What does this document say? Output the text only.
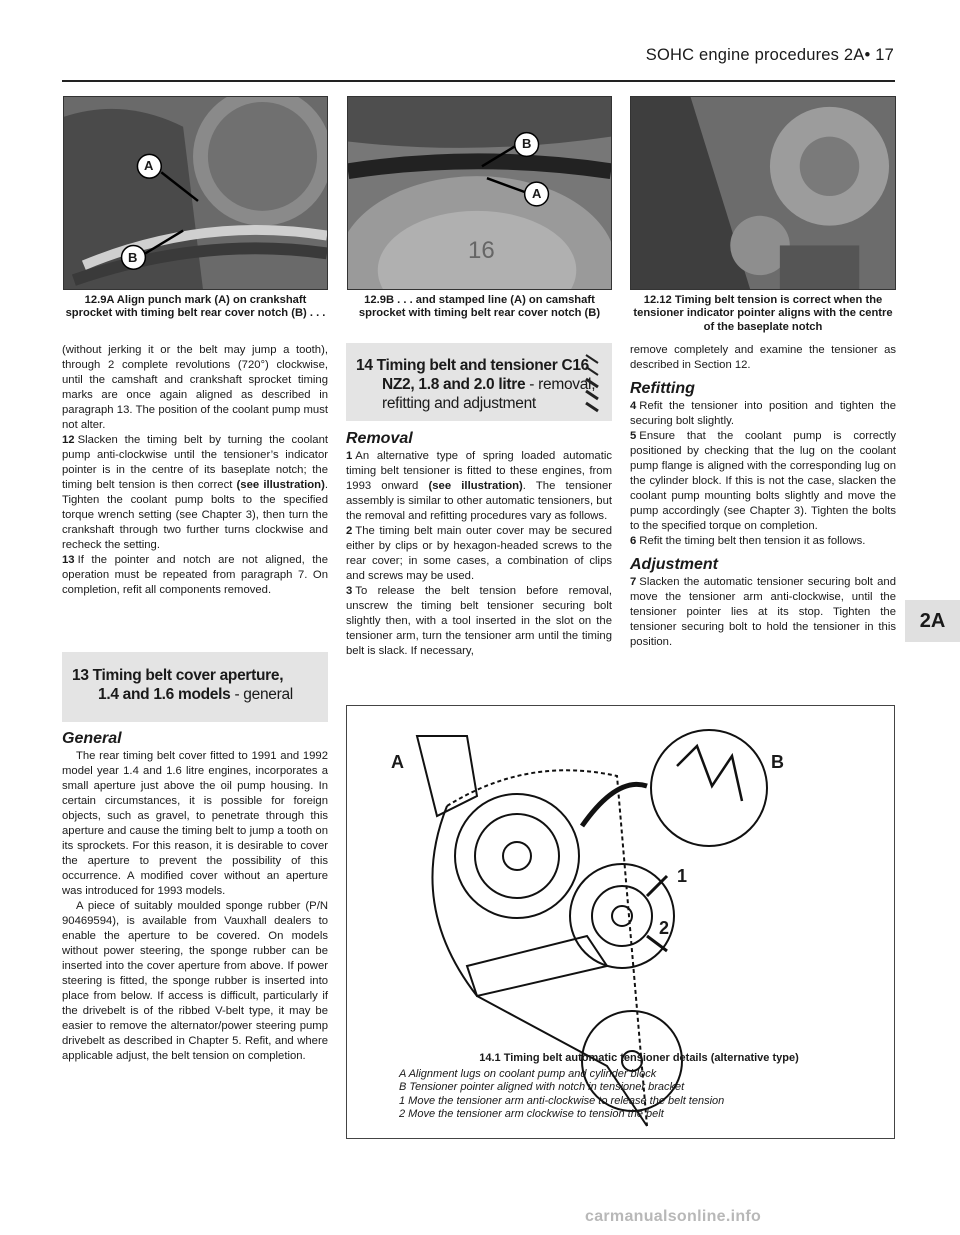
SOHC engine procedures 2A• 17
A
B
B
A
16
12.9A Align punch mark (A) on crankshaft sprocket with timing belt rear cover notch (B) . . .
12.9B . . . and stamped line (A) on camshaft sprocket with timing belt rear cover notch (B)
12.12 Timing belt tension is correct when the tensioner indicator pointer aligns with the centre of the baseplate notch

(without jerking it or the belt may jump a tooth), through 2 complete revolutions (720°) clockwise, until the camshaft and crankshaft sprocket timing marks are once again aligned as described in paragraph 13. The position of the coolant pump must not alter.

12 Slacken the timing belt by turning the coolant pump anti-clockwise until the tensioner’s indicator pointer is in the centre of its baseplate notch; the timing belt tension is then correct (see illustration). Tighten the coolant pump bolts to the specified torque wrench setting (see Chapter 3), then turn the crankshaft through two further turns clockwise and recheck the setting.

13 If the pointer and notch are not aligned, the operation must be repeated from paragraph 7. On completion, refit all components removed.

13 Timing belt cover aperture,
1.4 and 1.6 models - general

General

The rear timing belt cover fitted to 1991 and 1992 model year 1.4 and 1.6 litre engines, incorporates a small aperture just above the oil pump housing. In certain circumstances, it is possible for foreign objects, such as gravel, to penetrate through this aperture and cause the timing belt to jump a tooth on its sprockets. For this reason, it is desirable to cover the aperture to prevent the possibility of this occurrence. A modified cover without an aperture was introduced for 1993 models.

A piece of suitably moulded sponge rubber (P/N 90469594), is available from Vauxhall dealers to enable the aperture to be covered. On models without power steering, the sponge rubber can be inserted into the cover aperture from above. If power steering is fitted, the sponge rubber is inserted into place from below. If access is difficult, particularly if the drivebelt is of the ribbed V-belt type, it may be easier to remove the alternator/power steering pump drivebelt as described in Chapter 5. Refit, and where applicable adjust, the belt tension on completion.

14 Timing belt and tensioner C16
NZ2, 1.8 and 2.0 litre - removal,
refitting and adjustment

Removal

1 An alternative type of spring loaded automatic timing belt tensioner is fitted to these engines, from 1993 onward (see illustration). The tensioner assembly is similar to other automatic tensioners, but the removal and refitting procedures vary as follows.

2 The timing belt main outer cover may be secured either by clips or by hexagon-headed screws to the rear cover; in some cases, a combination of clips and screws may be used.

3 To release the belt tension before removal, unscrew the timing belt tensioner securing bolt slightly then, with a tool inserted in the slot on the tensioner arm, turn the tensioner arm until the timing belt is slack. If necessary,

remove completely and examine the tensioner as described in Section 12.

Refitting

4 Refit the tensioner into position and tighten the securing bolt slightly.

5 Ensure that the coolant pump is correctly positioned by checking that the lug on the coolant pump flange is aligned with the corresponding lug on the cylinder block. If this is not the case, slacken the coolant pump mounting bolts slightly and move the pump accordingly (see Chapter 3). Tighten the bolts to the specified torque on completion.

6 Refit the timing belt then tension it as follows.

Adjustment

7 Slacken the automatic tensioner securing bolt and move the tensioner arm anti-clockwise, until the tensioner pointer lies at its stop. Tighten the tensioner securing bolt to hold the tensioner in this position.

2A
A	B
1
2
14.1 Timing belt automatic tensioner details (alternative type)
A Alignment lugs on coolant pump and cylinder block
B Tensioner pointer aligned with notch in tensioner bracket
1 Move the tensioner arm anti-clockwise to release the belt tension
2 Move the tensioner arm clockwise to tension the belt
carmanualsonline.info
